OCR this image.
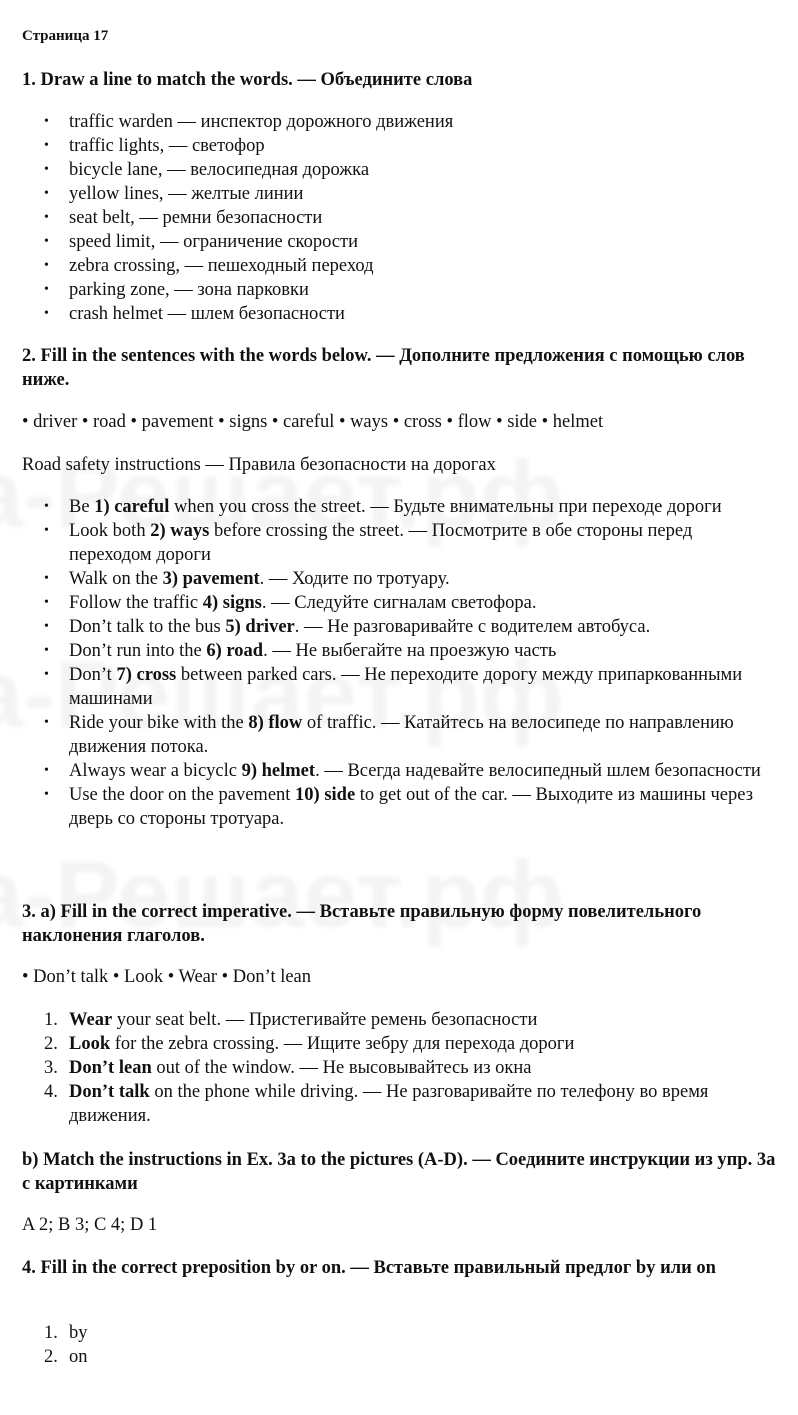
Страница 17
1. Draw a line to match the words. — Объедините слова
• traffic warden — инспектор дорожного движения
• traffic lights, — светофор
• bicycle lane, — велосипедная дорожка
• yellow lines, — желтые линии
• seat belt, — ремни безопасности
• speed limit, — ограничение скорости
• zebra crossing, — пешеходный переход
• parking zone, — зона парковки
• crash helmet — шлем безопасности
2. Fill in the sentences with the words below. — Дополните предложения с помощью слов ниже.
• driver • road • pavement • signs • careful • ways • cross • flow • side • helmet
Road safety instructions — Правила безопасности на дорогах
• Be 1) careful when you cross the street. — Будьте внимательны при переходе дороги
• Look both 2) ways before crossing the street. — Посмотрите в обе стороны перед переходом дороги
• Walk on the 3) pavement. — Ходите по тротуару.
• Follow the traffic 4) signs. — Следуйте сигналам светофора.
• Don’t talk to the bus 5) driver. — Не разговаривайте с водителем автобуса.
• Don’t run into the 6) road. — Не выбегайте на проезжую часть
• Don’t 7) cross between parked cars. — Не переходите дорогу между припаркованными машинами
• Ride your bike with the 8) flow of traffic. — Катайтесь на велосипеде по направлению движения потока.
• Always wear a bicyclc 9) helmet. — Всегда надевайте велосипедный шлем безопасности
• Use the door on the pavement 10) side to get out of the car. — Выходите из машины через дверь со стороны тротуара.
3. a) Fill in the correct imperative. — Вставьте правильную форму повелительного наклонения глаголов.
• Don’t talk • Look • Wear • Don’t lean
1. Wear your seat belt. — Пристегивайте ремень безопасности
2. Look for the zebra crossing. — Ищите зебру для перехода дороги
3. Don’t lean out of the window. — Не высовывайтесь из окна
4. Don’t talk on the phone while driving. — Не разговаривайте по телефону во время движения.
b) Match the instructions in Ex. 3a to the pictures (A-D). — Соедините инструкции из упр. 3а с картинками
A 2; B 3; C 4; D 1
4. Fill in the correct preposition by or on. — Вставьте правильный предлог by или on
1. by
2. on
